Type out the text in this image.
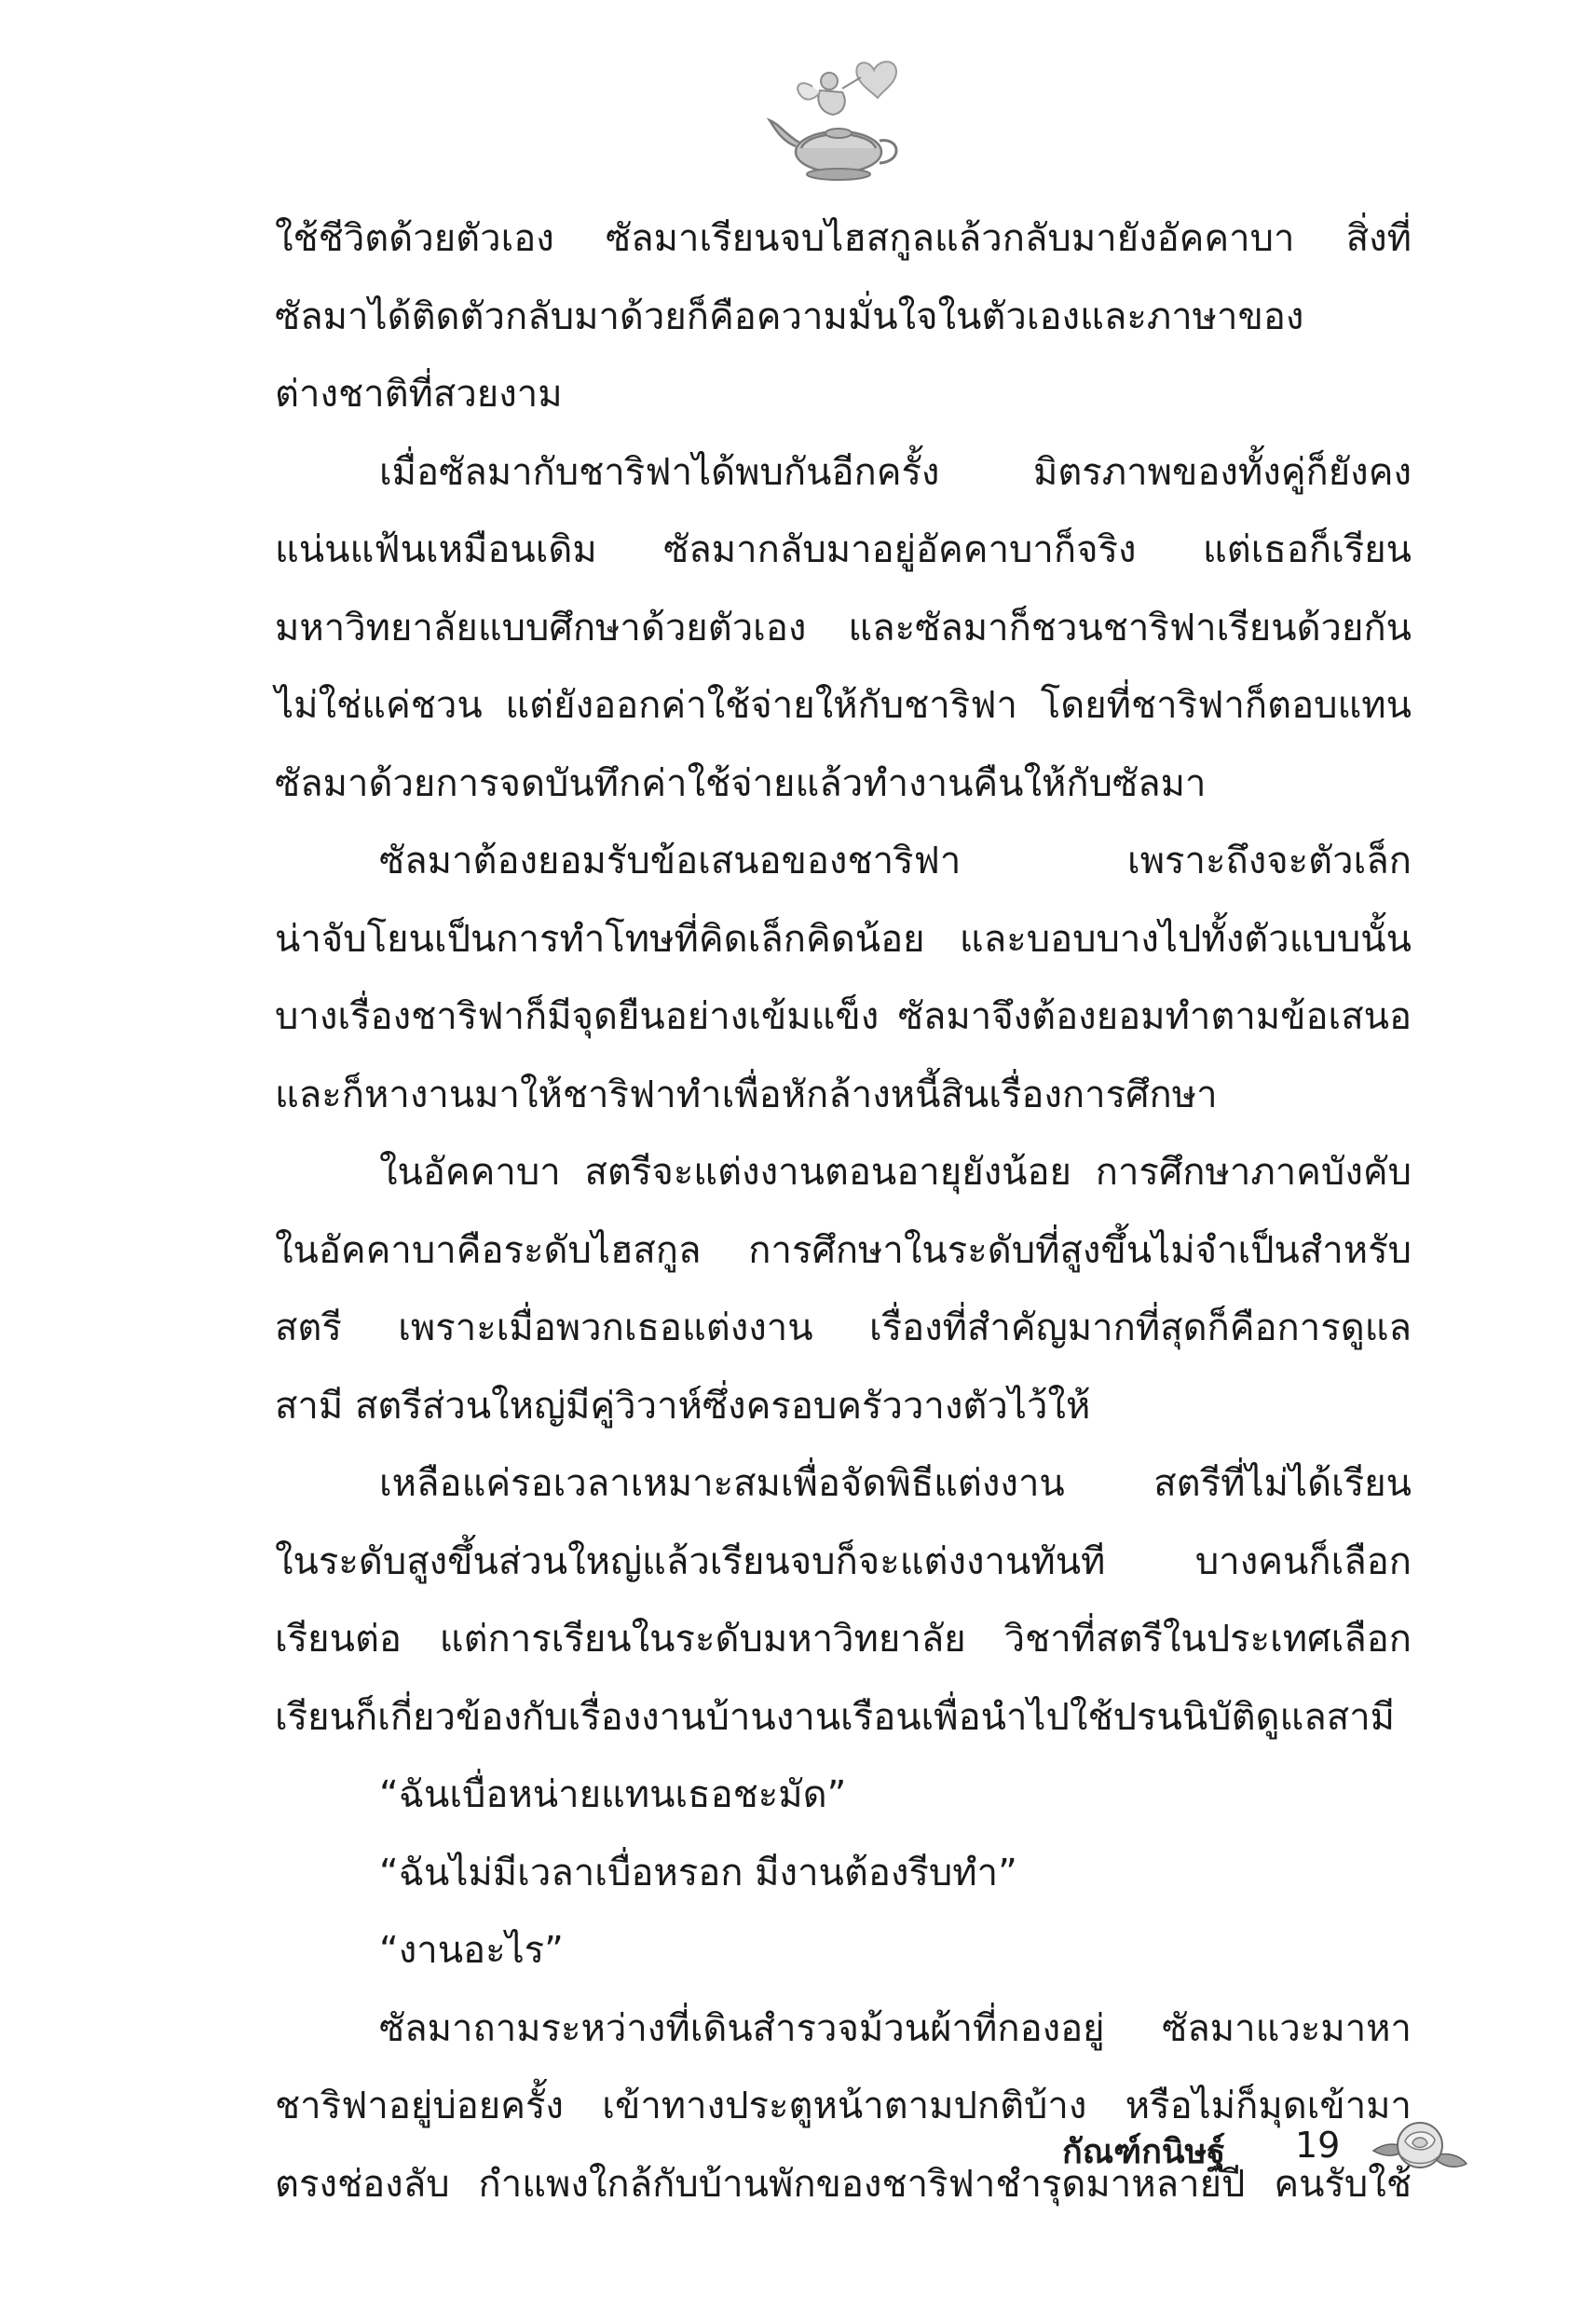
ใช้ชีวิตด้วยตัวเอง ซัลมาเรียนจบไฮสกูลแล้วกลับมายังอัคคาบา สิ่งที่
ซัลมาได้ติดตัวกลับมาด้วยก็คือความมั่นใจในตัวเองและภาษาของ
ต่างชาติที่สวยงาม
เมื่อซัลมากับชาริฟาได้พบกันอีกครั้ง มิตรภาพของทั้งคู่ก็ยังคง
แน่นแฟ้นเหมือนเดิม ซัลมากลับมาอยู่อัคคาบาก็จริง แต่เธอก็เรียน
มหาวิทยาลัยแบบศึกษาด้วยตัวเอง และซัลมาก็ชวนชาริฟาเรียนด้วยกัน
ไม่ใช่แค่ชวน แต่ยังออกค่าใช้จ่ายให้กับชาริฟา โดยที่ชาริฟาก็ตอบแทน
ซัลมาด้วยการจดบันทึกค่าใช้จ่ายแล้วทำงานคืนให้กับซัลมา
ซัลมาต้องยอมรับข้อเสนอของชาริฟา เพราะถึงจะตัวเล็ก
น่าจับโยนเป็นการทำโทษที่คิดเล็กคิดน้อย และบอบบางไปทั้งตัวแบบนั้น
บางเรื่องชาริฟาก็มีจุดยืนอย่างเข้มแข็ง ซัลมาจึงต้องยอมทำตามข้อเสนอ
และก็หางานมาให้ชาริฟาทำเพื่อหักล้างหนี้สินเรื่องการศึกษา
ในอัคคาบา สตรีจะแต่งงานตอนอายุยังน้อย การศึกษาภาคบังคับ
ในอัคคาบาคือระดับไฮสกูล การศึกษาในระดับที่สูงขึ้นไม่จำเป็นสำหรับ
สตรี เพราะเมื่อพวกเธอแต่งงาน เรื่องที่สำคัญมากที่สุดก็คือการดูแล
สามี สตรีส่วนใหญ่มีคู่วิวาห์ซึ่งครอบครัววางตัวไว้ให้
เหลือแค่รอเวลาเหมาะสมเพื่อจัดพิธีแต่งงาน สตรีที่ไม่ได้เรียน
ในระดับสูงขึ้นส่วนใหญ่แล้วเรียนจบก็จะแต่งงานทันที บางคนก็เลือก
เรียนต่อ แต่การเรียนในระดับมหาวิทยาลัย วิชาที่สตรีในประเทศเลือก
เรียนก็เกี่ยวข้องกับเรื่องงานบ้านงานเรือนเพื่อนำไปใช้ปรนนิบัติดูแลสามี
“ฉันเบื่อหน่ายแทนเธอชะมัด”
“ฉันไม่มีเวลาเบื่อหรอก มีงานต้องรีบทำ”
“งานอะไร”
ซัลมาถามระหว่างที่เดินสำรวจม้วนผ้าที่กองอยู่ ซัลมาแวะมาหา
ชาริฟาอยู่บ่อยครั้ง เข้าทางประตูหน้าตามปกติบ้าง หรือไม่ก็มุดเข้ามา
ตรงช่องลับ กำแพงใกล้กับบ้านพักของชาริฟาชำรุดมาหลายปี คนรับใช้
กัณฑ์กนิษฐ์ 19
